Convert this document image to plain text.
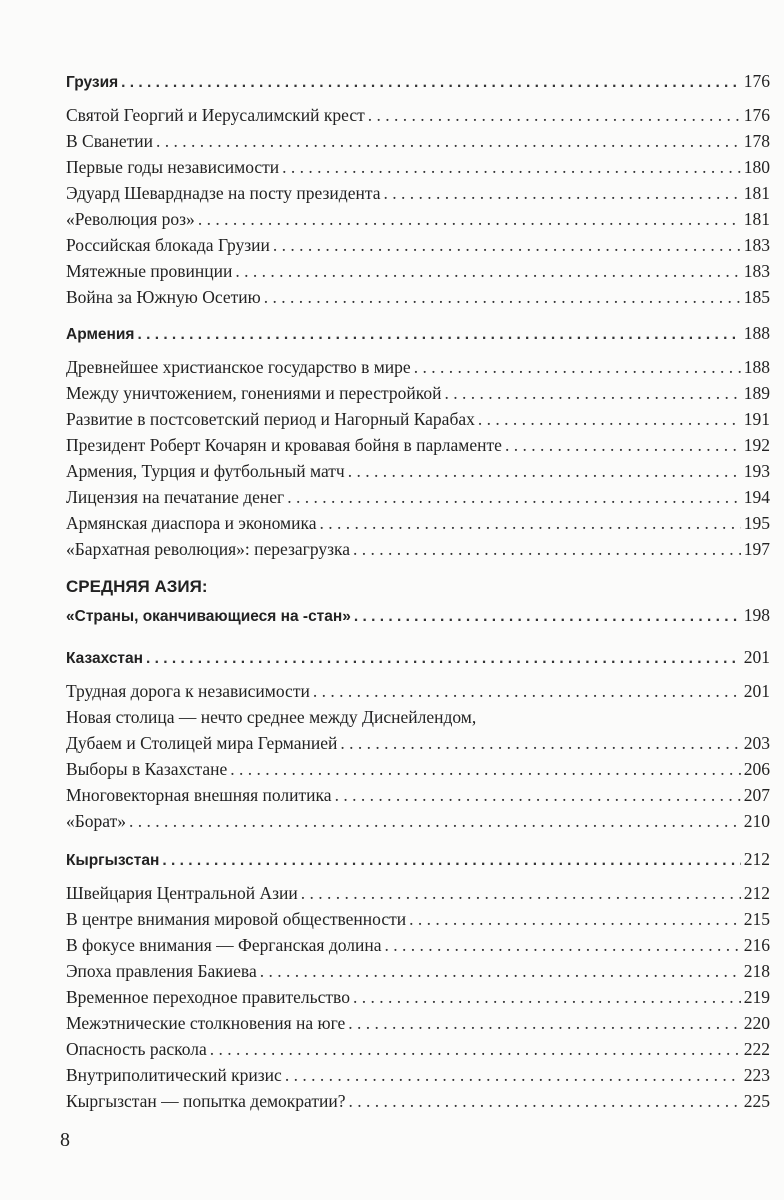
Грузия . . .	176
Святой Георгий и Иерусалимский крест . . .	176
В Сванетии . . .	178
Первые годы независимости . . .	180
Эдуард Шеварднадзе на посту президента . . .	181
«Революция роз» . . .	181
Российская блокада Грузии . . .	183
Мятежные провинции . . .	183
Война за Южную Осетию . . .	185
Армения . . .	188
Древнейшее христианское государство в мире . . .	188
Между уничтожением, гонениями и перестройкой . . .	189
Развитие в постсоветский период и Нагорный Карабах . . .	191
Президент Роберт Кочарян и кровавая бойня в парламенте . . .	192
Армения, Турция и футбольный матч . . .	193
Лицензия на печатание денег . . .	194
Армянская диаспора и экономика . . .	195
«Бархатная революция»: перезагрузка . . .	197
СРЕДНЯЯ АЗИЯ:
«Страны, оканчивающиеся на -стан» . . .	198
Казахстан . . .	201
Трудная дорога к независимости . . .	201
Новая столица — нечто среднее между Диснейлендом,
Дубаем и Столицей мира Германией . . .	203
Выборы в Казахстане . . .	206
Многовекторная внешняя политика . . .	207
«Борат» . . .	210
Кыргызстан . . .	212
Швейцария Центральной Азии . . .	212
В центре внимания мировой общественности . . .	215
В фокусе внимания — Ферганская долина . . .	216
Эпоха правления Бакиева . . .	218
Временное переходное правительство . . .	219
Межэтнические столкновения на юге . . .	220
Опасность раскола . . .	222
Внутриполитический кризис . . .	223
Кыргызстан — попытка демократии? . . .	225
8
